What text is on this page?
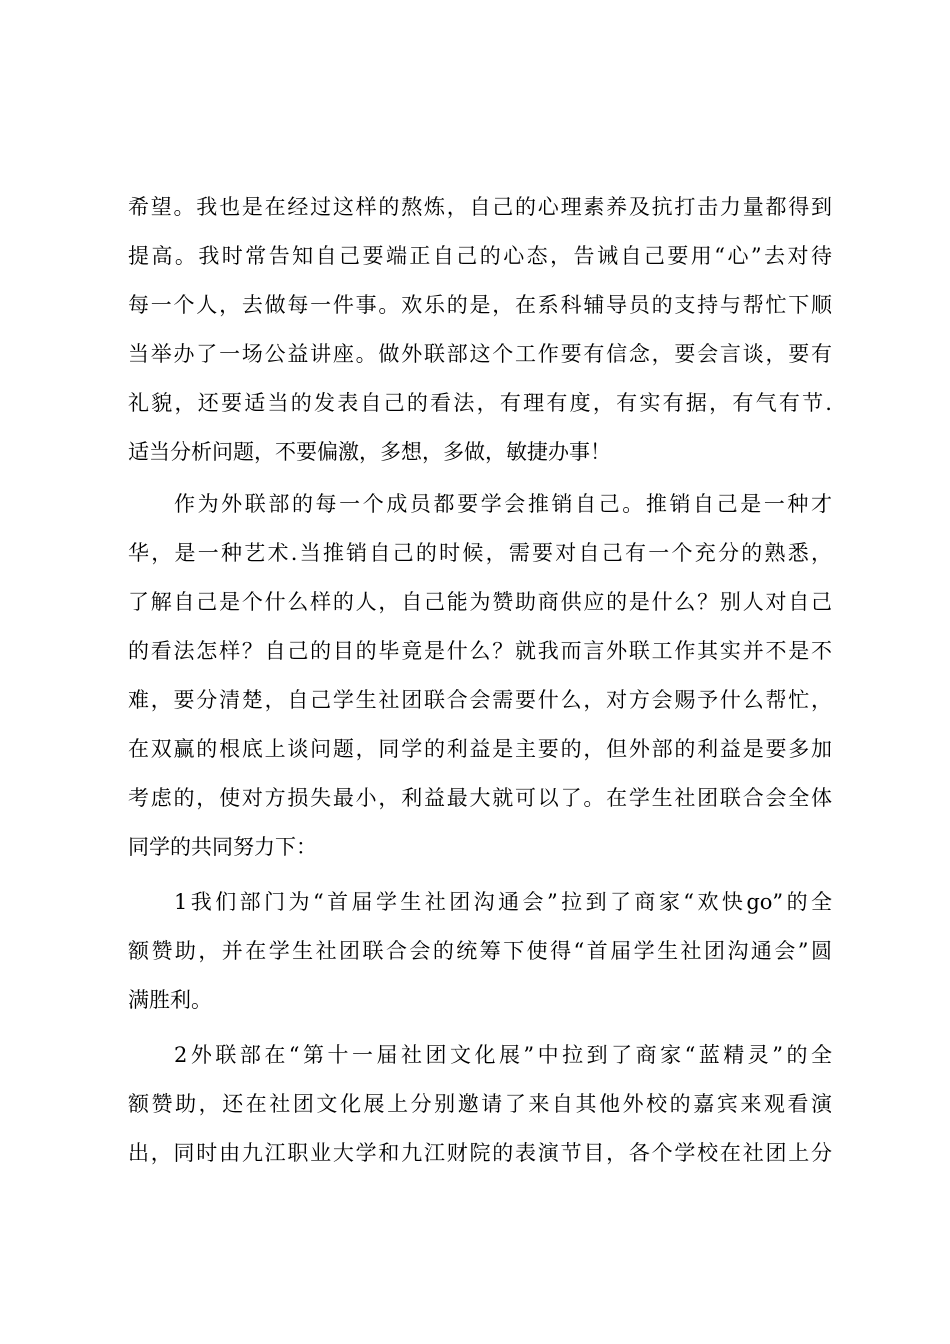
希望。我也是在经过这样的熬炼，自己的心理素养及抗打击力量都得到
提高。我时常告知自己要端正自己的心态，告诫自己要用“心”去对待
每一个人，去做每一件事。欢乐的是，在系科辅导员的支持与帮忙下顺
当举办了一场公益讲座。做外联部这个工作要有信念，要会言谈，要有
礼貌，还要适当的发表自己的看法，有理有度，有实有据，有气有节.
适当分析问题，不要偏激，多想，多做，敏捷办事！
作为外联部的每一个成员都要学会推销自己。推销自己是一种才
华，是一种艺术.当推销自己的时候，需要对自己有一个充分的熟悉，
了解自己是个什么样的人，自己能为赞助商供应的是什么？别人对自己
的看法怎样？自己的目的毕竟是什么？就我而言外联工作其实并不是不
难，要分清楚，自己学生社团联合会需要什么，对方会赐予什么帮忙，
在双赢的根底上谈问题，同学的利益是主要的，但外部的利益是要多加
考虑的，使对方损失最小，利益最大就可以了。在学生社团联合会全体
同学的共同努力下：
1我们部门为“首届学生社团沟通会”拉到了商家“欢快go”的全
额赞助，并在学生社团联合会的统筹下使得“首届学生社团沟通会”圆
满胜利。
2外联部在“第十一届社团文化展”中拉到了商家“蓝精灵”的全
额赞助，还在社团文化展上分别邀请了来自其他外校的嘉宾来观看演
出，同时由九江职业大学和九江财院的表演节目，各个学校在社团上分
